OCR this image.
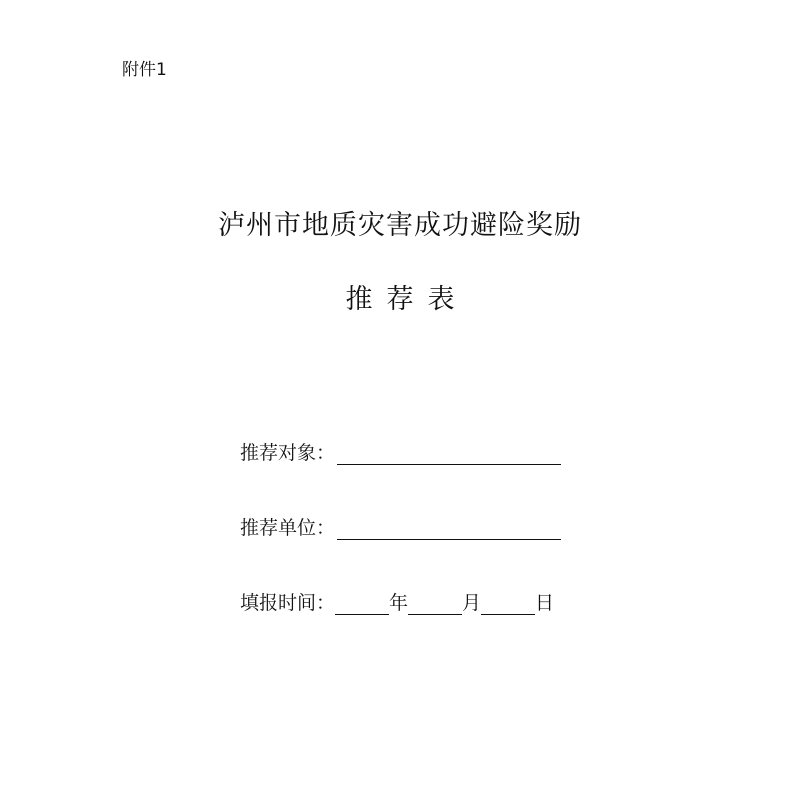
附件1
泸州市地质灾害成功避险奖励
推 荐 表
推荐对象：
推荐单位：
填报时间：	年	月	日
